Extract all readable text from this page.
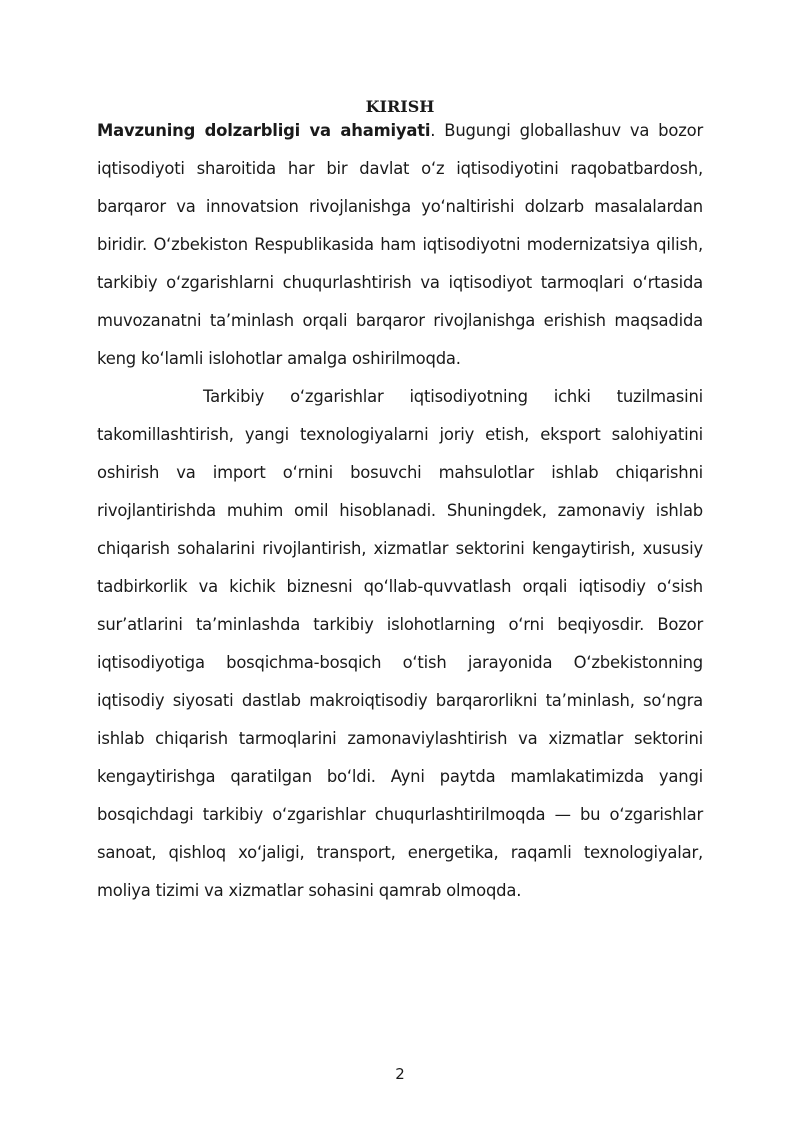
KIRISH

Mavzuning dolzarbligi va ahamiyati. Bugungi globallashuv va bozor iqtisodiyoti sharoitida har bir davlat o‘z iqtisodiyotini raqobatbardosh, barqaror va innovatsion rivojlanishga yo‘naltirishi dolzarb masalalardan biridir. O‘zbekiston Respublikasida ham iqtisodiyotni modernizatsiya qilish, tarkibiy o‘zgarishlarni chuqurlashtirish va iqtisodiyot tarmoqlari o‘rtasida muvozanatni ta’minlash orqali barqaror rivojlanishga erishish maqsadida keng ko‘lamli islohotlar amalga oshirilmoqda.

Tarkibiy o‘zgarishlar iqtisodiyotning ichki tuzilmasini takomillashtirish, yangi texnologiyalarni joriy etish, eksport salohiyatini oshirish va import o‘rnini bosuvchi mahsulotlar ishlab chiqarishni rivojlantirishda muhim omil hisoblanadi. Shuningdek, zamonaviy ishlab chiqarish sohalarini rivojlantirish, xizmatlar sektorini kengaytirish, xususiy tadbirkorlik va kichik biznesni qo‘llab-quvvatlash orqali iqtisodiy o‘sish sur’atlarini ta’minlashda tarkibiy islohotlarning o‘rni beqiyosdir. Bozor iqtisodiyotiga bosqichma-bosqich o‘tish jarayonida O‘zbekistonning iqtisodiy siyosati dastlab makroiqtisodiy barqarorlikni ta’minlash, so‘ngra ishlab chiqarish tarmoqlarini zamonaviylashtirish va xizmatlar sektorini kengaytirishga qaratilgan bo‘ldi. Ayni paytda mamlakatimizda yangi bosqichdagi tarkibiy o‘zgarishlar chuqurlashtirilmoqda — bu o‘zgarishlar sanoat, qishloq xo‘jaligi, transport, energetika, raqamli texnologiyalar, moliya tizimi va xizmatlar sohasini qamrab olmoqda.

2
